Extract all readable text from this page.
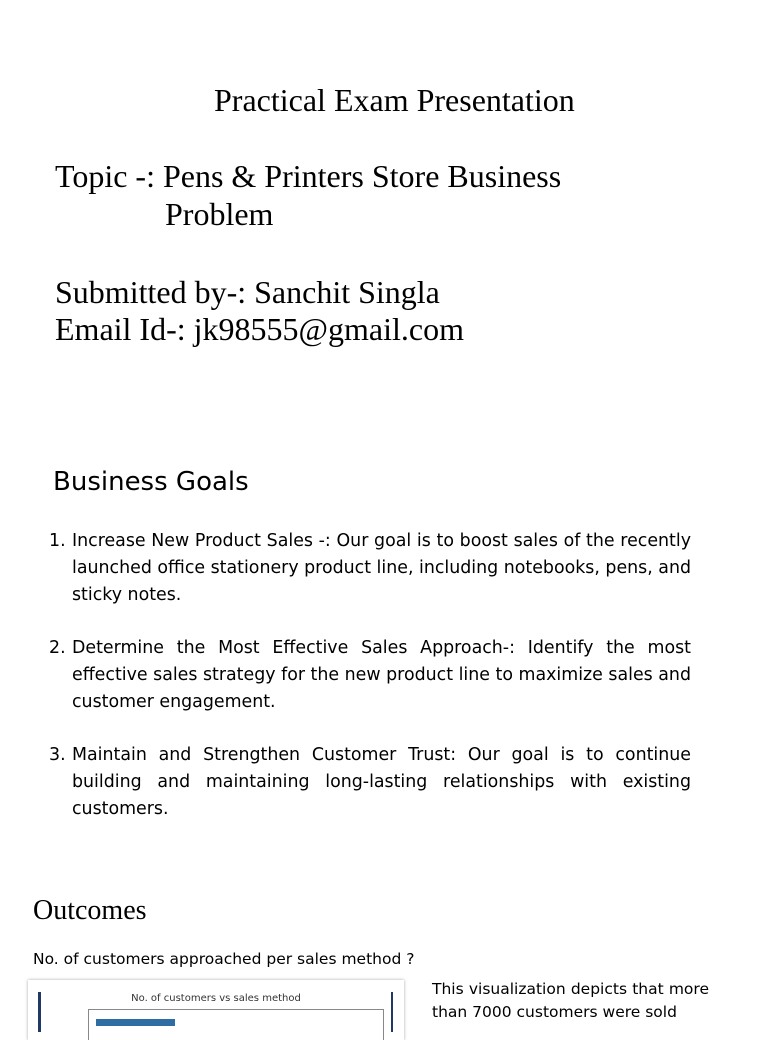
Practical Exam Presentation
Topic -: Pens & Printers Store Business
Problem
Submitted by-: Sanchit Singla
Email Id-: jk98555@gmail.com
Business Goals
1. Increase New Product Sales -: Our goal is to boost sales of the recently launched office stationery product line, including notebooks, pens, and sticky notes.
2. Determine the Most Effective Sales Approach-: Identify the most effective sales strategy for the new product line to maximize sales and customer engagement.
3. Maintain and Strengthen Customer Trust: Our goal is to continue building and maintaining long-lasting relationships with existing customers.
Outcomes
No. of customers approached per sales method ?
No. of customers vs sales method
This visualization depicts that more than 7000 customers were sold
